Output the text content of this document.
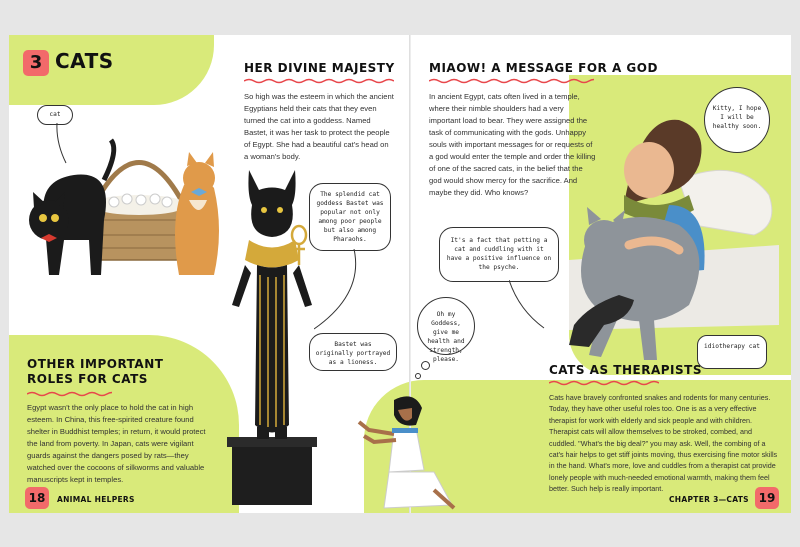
3 CATS
cat
OTHER IMPORTANT
ROLES FOR CATS
Egypt wasn't the only place to hold the cat in high esteem. In China, this free-spirited creature found shelter in Buddhist temples; in return, it would protect the land from poverty. In Japan, cats were vigilant guards against the dangers posed by rats—they watched over the cocoons of silkworms and valuable manuscripts kept in temples.
18	ANIMAL HELPERS
HER DIVINE MAJESTY
So high was the esteem in which the ancient Egyptians held their cats that they even turned the cat into a goddess. Named Bastet, it was her task to protect the people of Egypt. She had a beautiful cat's head on a woman's body.
The splendid cat goddess Bastet was popular not only among poor people but also among Pharaohs.
Bastet was originally portrayed as a lioness.
MIAOW! A MESSAGE FOR A GOD
In ancient Egypt, cats often lived in a temple, where their nimble shoulders had a very important load to bear. They were assigned the task of communicating with the gods. Unhappy souls with important messages for or requests of a god would enter the temple and order the killing of one of the sacred cats, in the belief that the god would show mercy for the sacrifice. And maybe they did. Who knows?
Kitty, I hope I will be healthy soon.
It's a fact that petting a cat and cuddling with it have a positive influence on the psyche.
Oh my Goddess, give me health and strength, please.
idiotherapy cat
CATS AS THERAPISTS
Cats have bravely confronted snakes and rodents for many centuries. Today, they have other useful roles too. One is as a very effective therapist for work with elderly and sick people and with children. Therapist cats will allow themselves to be stroked, combed, and cuddled. "What's the big deal?" you may ask. Well, the combing of a cat's hair helps to get stiff joints moving, thus exercising fine motor skills in the hand. What's more, love and cuddles from a therapist cat provide lonely people with much-needed emotional warmth, making them feel better. Such help is really important.
CHAPTER 3—CATS 19
